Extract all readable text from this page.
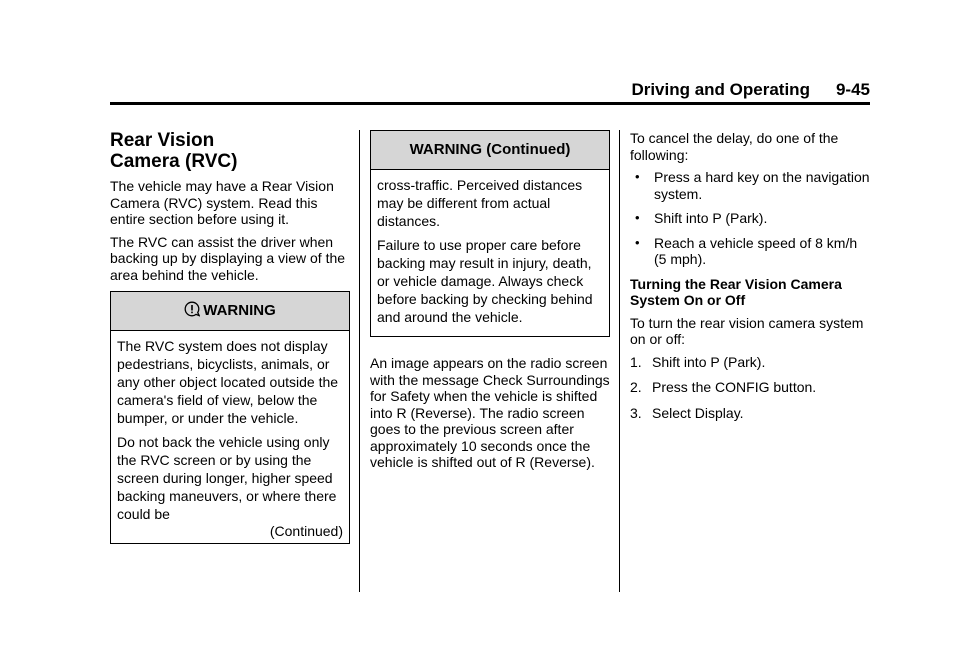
Driving and Operating 9-45
Rear Vision
Camera (RVC)

The vehicle may have a Rear Vision Camera (RVC) system. Read this entire section before using it.

The RVC can assist the driver when backing up by displaying a view of the area behind the vehicle.

WARNING

The RVC system does not display pedestrians, bicyclists, animals, or any other object located outside the camera's field of view, below the bumper, or under the vehicle.

Do not back the vehicle using only the RVC screen or by using the screen during longer, higher speed backing maneuvers, or where there could be

(Continued)
WARNING (Continued)

cross-traffic. Perceived distances may be different from actual distances.

Failure to use proper care before backing may result in injury, death, or vehicle damage. Always check before backing by checking behind and around the vehicle.

An image appears on the radio screen with the message Check Surroundings for Safety when the vehicle is shifted into R (Reverse). The radio screen goes to the previous screen after approximately 10 seconds once the vehicle is shifted out of R (Reverse).

To cancel the delay, do one of the following:

• Press a hard key on the navigation system.
• Shift into P (Park).
• Reach a vehicle speed of 8 km/h (5 mph).

Turning the Rear Vision Camera System On or Off

To turn the rear vision camera system on or off:

1. Shift into P (Park).
2. Press the CONFIG button.
3. Select Display.
